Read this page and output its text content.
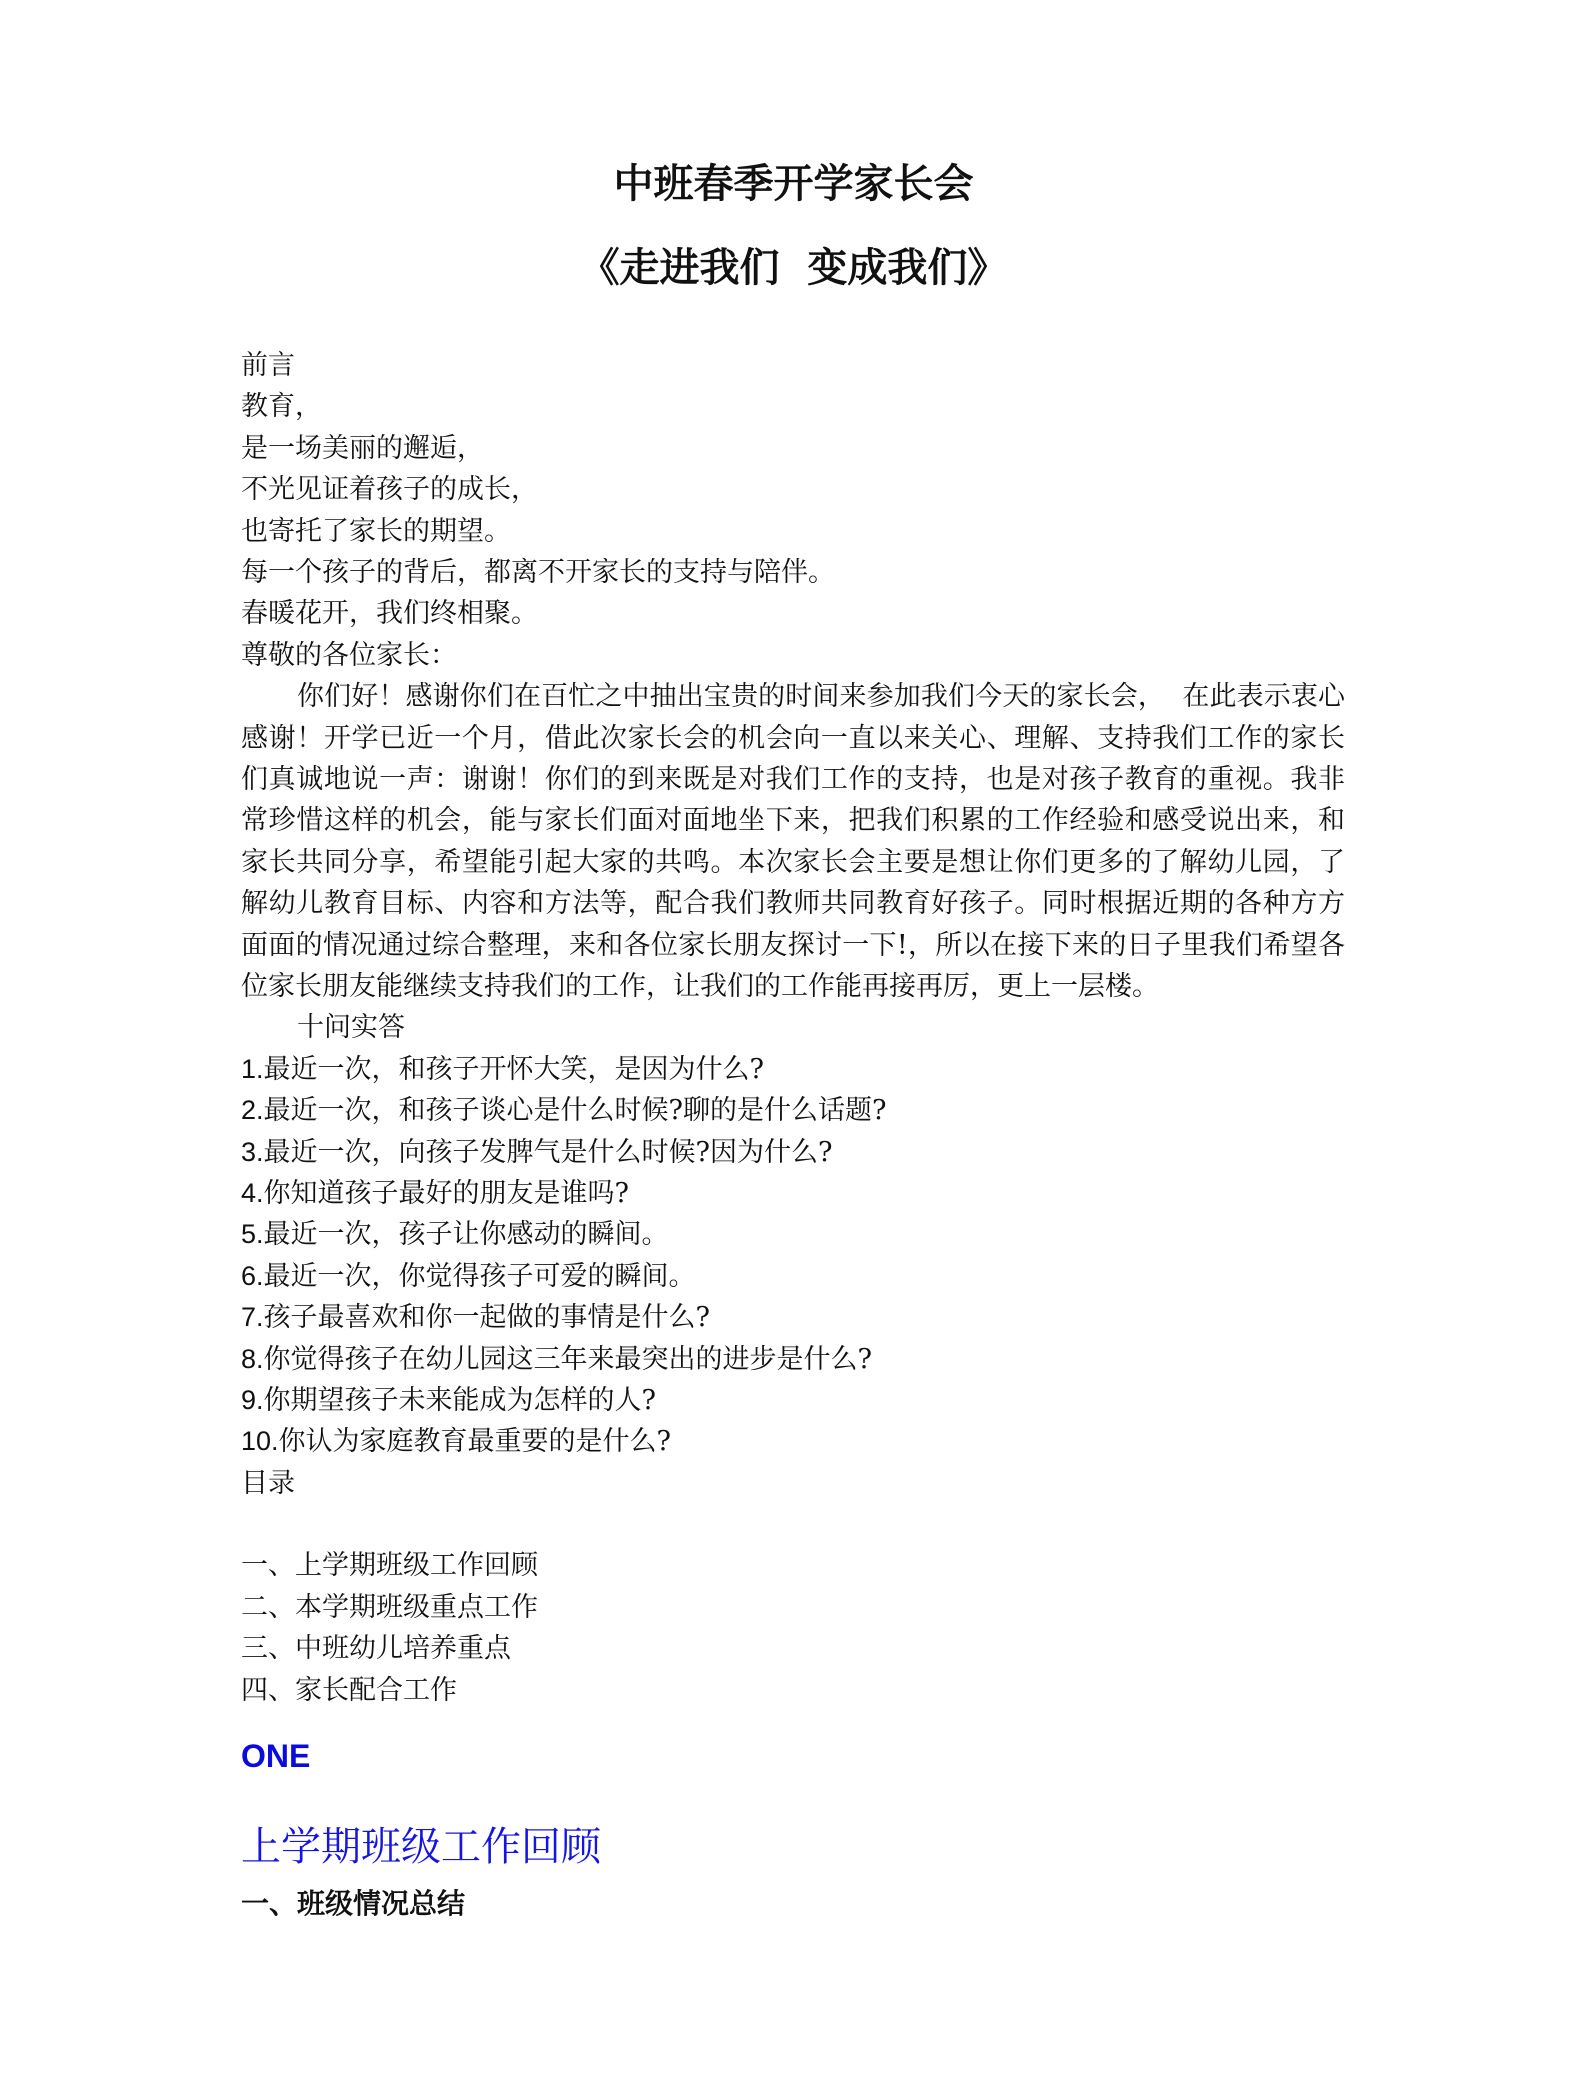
中班春季开学家长会
《走进我们  变成我们》
前言
教育，
是一场美丽的邂逅，
不光见证着孩子的成长，
也寄托了家长的期望。
每一个孩子的背后，都离不开家长的支持与陪伴。
春暖花开，我们终相聚。
尊敬的各位家长：
你们好！感谢你们在百忙之中抽出宝贵的时间来参加我们今天的家长会，  在此表示衷心感谢！开学已近一个月，借此次家长会的机会向一直以来关心、理解、支持我们工作的家长们真诚地说一声：谢谢！你们的到来既是对我们工作的支持，也是对孩子教育的重视。我非常珍惜这样的机会，能与家长们面对面地坐下来，把我们积累的工作经验和感受说出来，和家长共同分享，希望能引起大家的共鸣。本次家长会主要是想让你们更多的了解幼儿园，了解幼儿教育目标、内容和方法等，配合我们教师共同教育好孩子。同时根据近期的各种方方面面的情况通过综合整理，来和各位家长朋友探讨一下!，所以在接下来的日子里我们希望各位家长朋友能继续支持我们的工作，让我们的工作能再接再厉，更上一层楼。
十问实答
1.最近一次，和孩子开怀大笑，是因为什么?
2.最近一次，和孩子谈心是什么时候?聊的是什么话题?
3.最近一次，向孩子发脾气是什么时候?因为什么?
4.你知道孩子最好的朋友是谁吗?
5.最近一次，孩子让你感动的瞬间。
6.最近一次，你觉得孩子可爱的瞬间。
7.孩子最喜欢和你一起做的事情是什么?
8.你觉得孩子在幼儿园这三年来最突出的进步是什么?
9.你期望孩子未来能成为怎样的人?
10.你认为家庭教育最重要的是什么?
目录
一、上学期班级工作回顾
二、本学期班级重点工作
三、中班幼儿培养重点
四、家长配合工作
ONE
上学期班级工作回顾
一、班级情况总结
